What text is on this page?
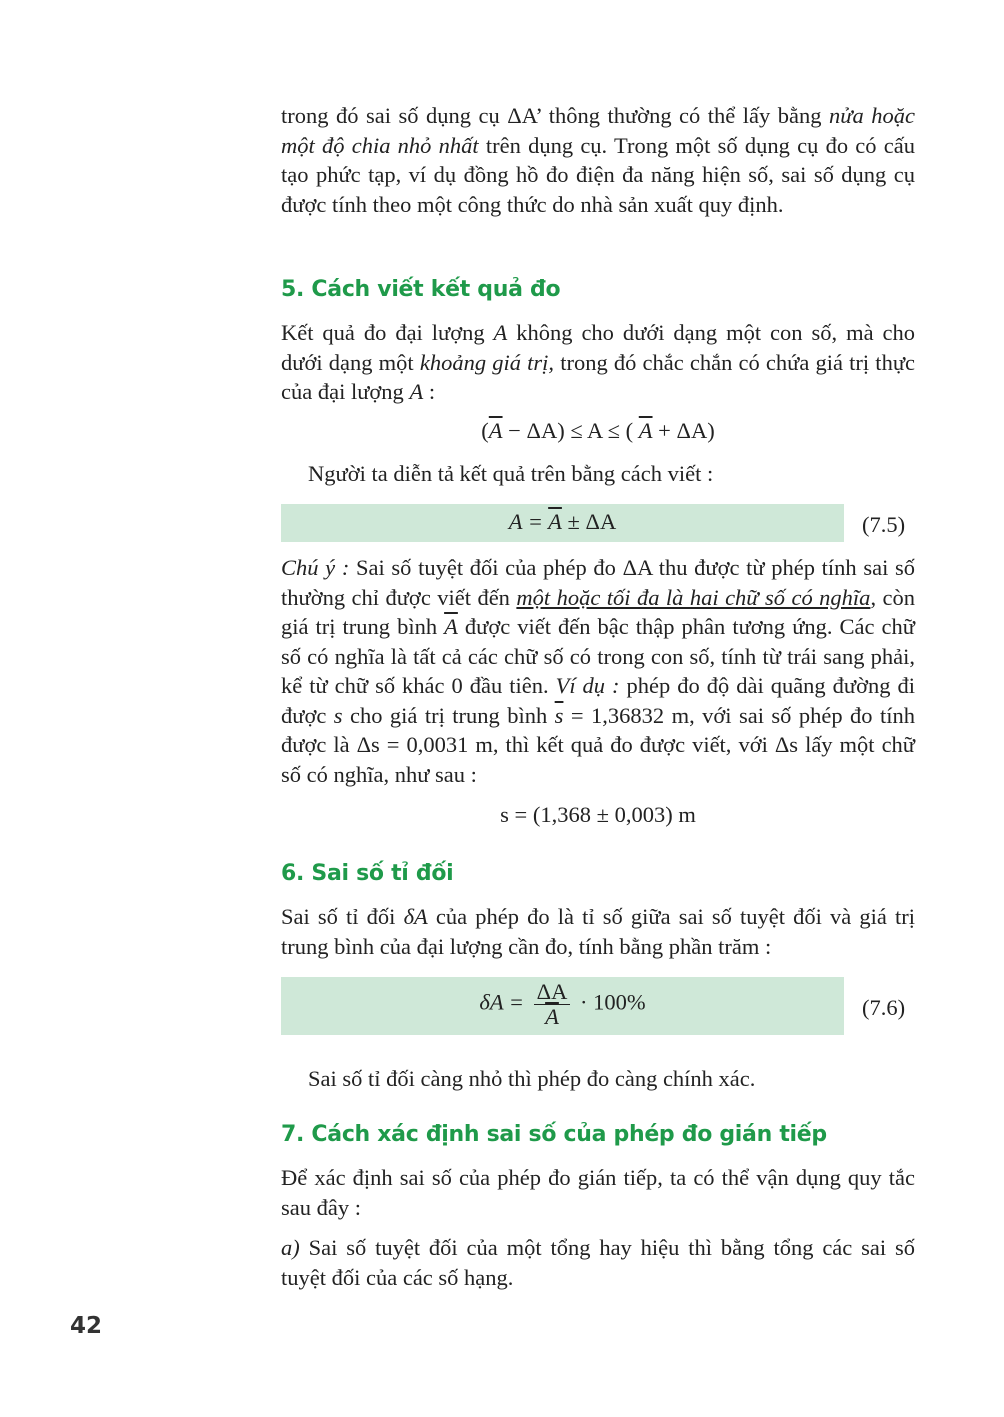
trong đó sai số dụng cụ ΔA’ thông thường có thể lấy bằng nửa hoặc một độ chia nhỏ nhất trên dụng cụ. Trong một số dụng cụ đo có cấu tạo phức tạp, ví dụ đồng hồ đo điện đa năng hiện số, sai số dụng cụ được tính theo một công thức do nhà sản xuất quy định.

5. Cách viết kết quả đo

Kết quả đo đại lượng A không cho dưới dạng một con số, mà cho dưới dạng một khoảng giá trị, trong đó chắc chắn có chứa giá trị thực của đại lượng A :

$(\overline{A} - \Delta A) \le A$ ≤ ( $\overline{A} + \Delta A$)

Người ta diễn tả kết quả trên bằng cách viết :

$A = \overline{A} \pm \Delta A$	(7.5)

Chú ý : Sai số tuyệt đối của phép đo ΔA thu được từ phép tính sai số thường chỉ được viết đến một hoặc tối đa là hai chữ số có nghĩa, còn giá trị trung bình $\overline{A}$ được viết đến bậc thập phân tương ứng. Các chữ số có nghĩa là tất cả các chữ số có trong con số, tính từ trái sang phải, kể từ chữ số khác 0 đầu tiên. Ví dụ : phép đo độ dài quãng đường đi được s cho giá trị trung bình $\overline{s} = 1,36832$ m, với sai số phép đo tính được là Δs = 0,0031 m, thì kết quả đo được viết, với Δs lấy một chữ số có nghĩa, như sau :

s = (1,368 ± 0,003) m
6. Sai số tỉ đối

Sai số tỉ đối δA của phép đo là tỉ số giữa sai số tuyệt đối và giá trị trung bình của đại lượng cần đo, tính bằng phần trăm :

$\delta A = \frac{\Delta A}{A} \cdot 100\%$	(7.6)

Sai số tỉ đối càng nhỏ thì phép đo càng chính xác.

7. Cách xác định sai số của phép đo gián tiếp

Để xác định sai số của phép đo gián tiếp, ta có thể vận dụng quy tắc sau đây :

a) Sai số tuyệt đối của một tổng hay hiệu thì bằng tổng các sai số tuyệt đối của các số hạng.

42
